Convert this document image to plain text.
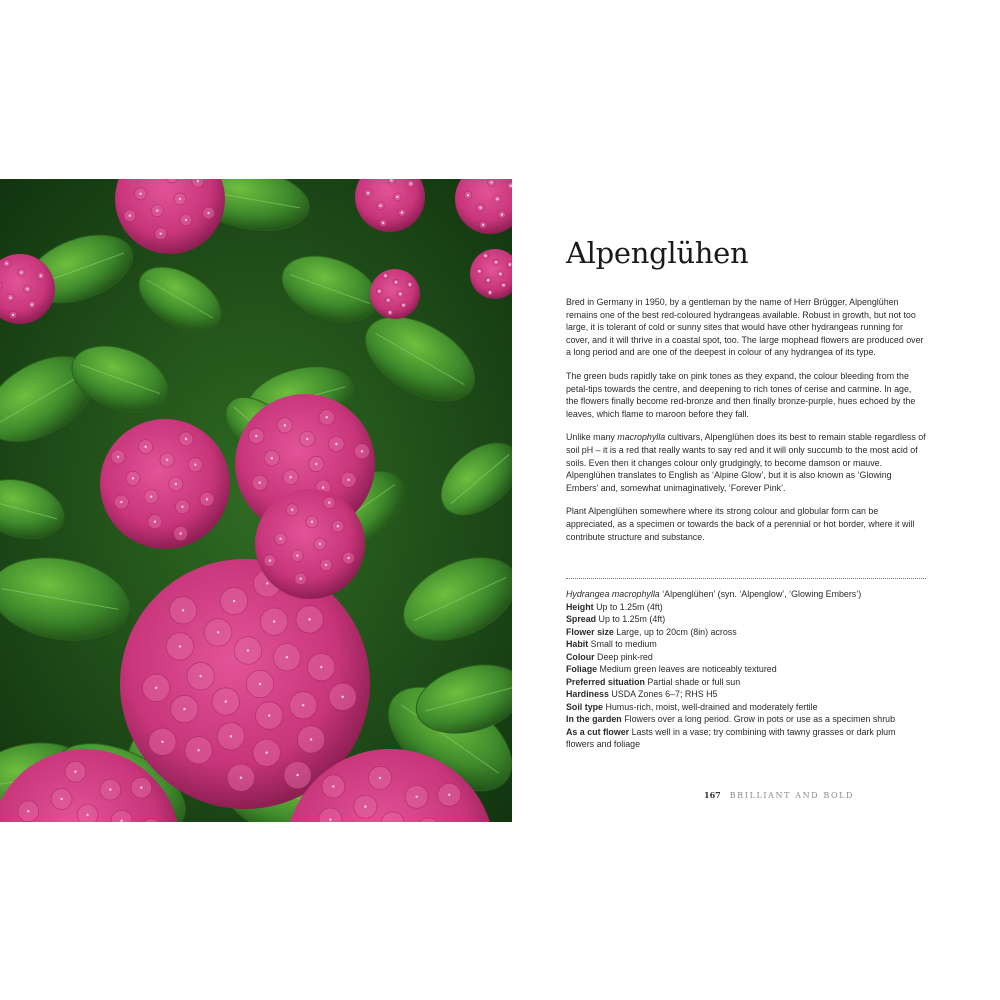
Alpenglühen

Bred in Germany in 1950, by a gentleman by the name of Herr Brügger, Alpenglühen remains one of the best red-coloured hydrangeas available. Robust in growth, but not too large, it is tolerant of cold or sunny sites that would have other hydrangeas running for cover, and it will thrive in a coastal spot, too. The large mophead flowers are produced over a long period and are one of the deepest in colour of any hydrangea of its type.

The green buds rapidly take on pink tones as they expand, the colour bleeding from the petal-tips towards the centre, and deepening to rich tones of cerise and carmine. In age, the flowers finally become red-bronze and then finally bronze-purple, hues echoed by the leaves, which flame to maroon before they fall.

Unlike many macrophylla cultivars, Alpenglühen does its best to remain stable regardless of soil pH – it is a red that really wants to say red and it will only succumb to the most acid of soils. Even then it changes colour only grudgingly, to become damson or mauve. Alpenglühen translates to English as ‘Alpine Glow’, but it is also known as ‘Glowing Embers’ and, somewhat unimaginatively, ‘Forever Pink’.

Plant Alpenglühen somewhere where its strong colour and globular form can be appreciated, as a specimen or towards the back of a perennial or hot border, where it will contribute structure and substance.

Hydrangea macrophylla ‘Alpenglühen’ (syn. ‘Alpenglow’, ‘Glowing Embers’)

Height Up to 1.25m (4ft)

Spread Up to 1.25m (4ft)

Flower size Large, up to 20cm (8in) across

Habit Small to medium

Colour Deep pink-red

Foliage Medium green leaves are noticeably textured

Preferred situation Partial shade or full sun

Hardiness USDA Zones 6–7; RHS H5

Soil type Humus-rich, moist, well-drained and moderately fertile

In the garden Flowers over a long period. Grow in pots or use as a specimen shrub

As a cut flower Lasts well in a vase; try combining with tawny grasses or dark plum flowers and foliage

167 BRILLIANT AND BOLD
